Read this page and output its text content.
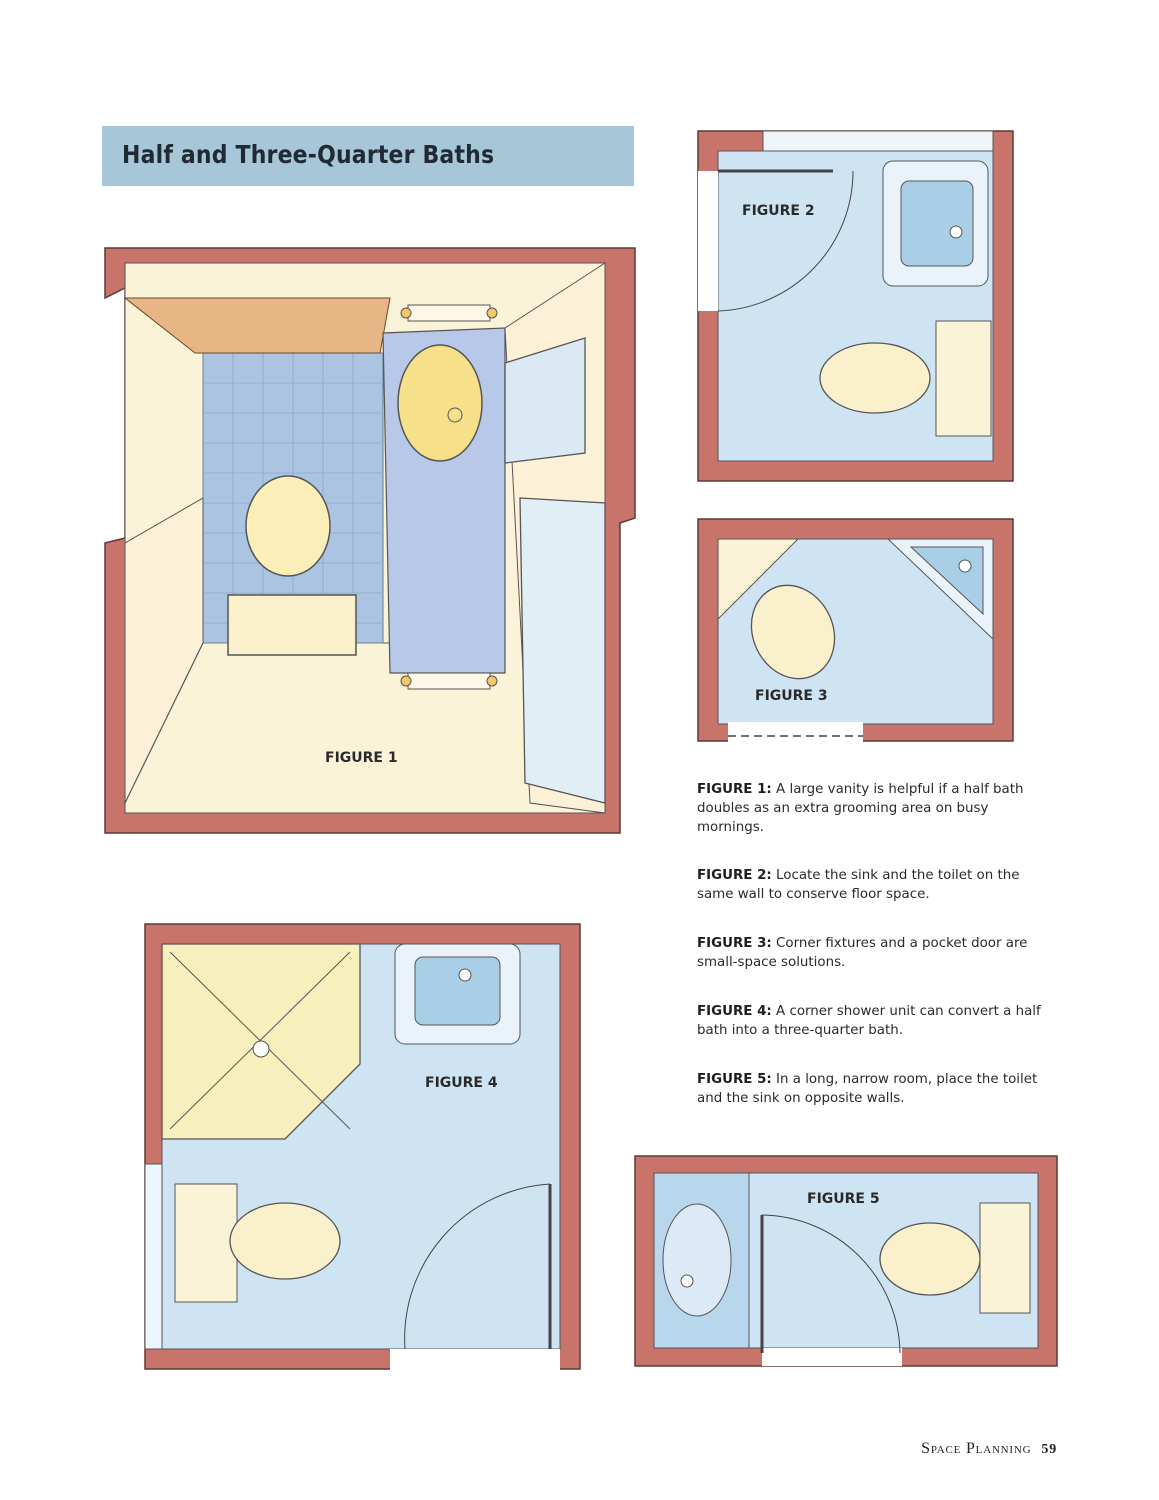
Half and Three-Quarter Baths
FIGURE 1
FIGURE 2
FIGURE 3
FIGURE 4
FIGURE 5

FIGURE 1: A large vanity is helpful if a half bath doubles as an extra grooming area on busy mornings.

FIGURE 2: Locate the sink and the toilet on the same wall to conserve floor space.

FIGURE 3: Corner fixtures and a pocket door are small-space solutions.

FIGURE 4: A corner shower unit can convert a half bath into a three-quarter bath.

FIGURE 5: In a long, narrow room, place the toilet and the sink on opposite walls.

Space Planning 59
